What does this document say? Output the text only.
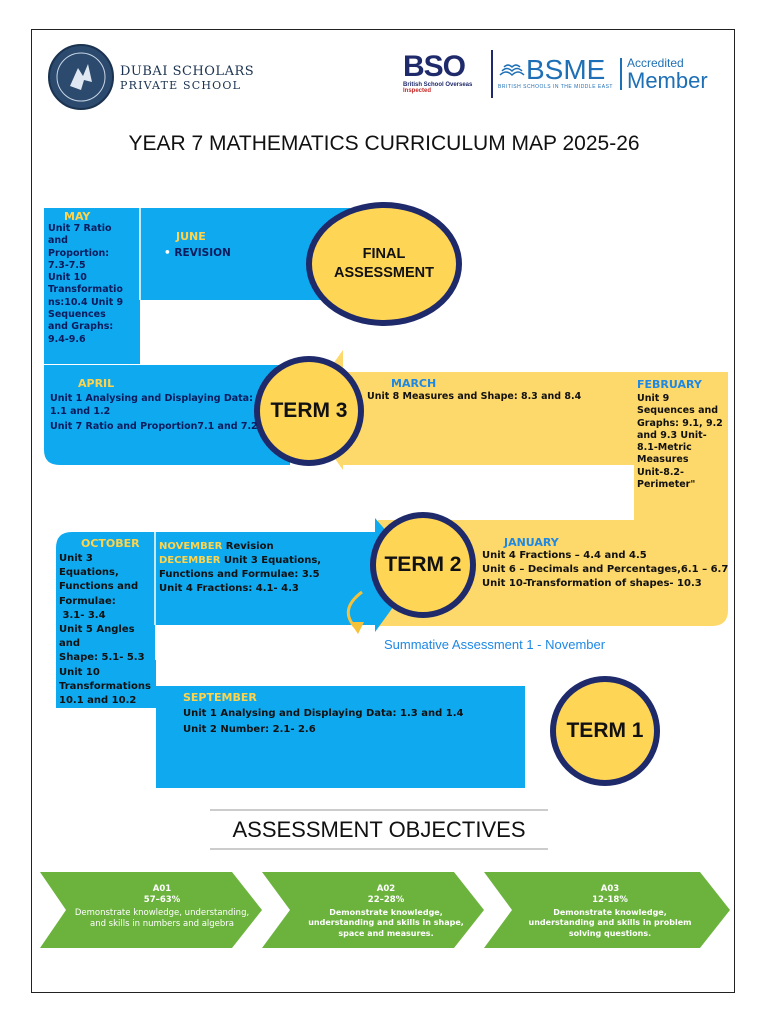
DUBAI SCHOLARS
PRIVATE SCHOOL
BSO
British School Overseas
Inspected
BSME
BRITISH SCHOOLS IN THE MIDDLE EAST
Accredited
Member
YEAR 7 MATHEMATICS CURRICULUM MAP 2025-26
FINAL
ASSESSMENT
TERM 3
TERM 2
TERM 1
MAY
Unit 7 Ratio
and
Proportion:
7.3-7.5
Unit 10
Transformatio
ns:10.4 Unit 9
Sequences
and Graphs:
9.4-9.6
JUNE
• REVISION
APRIL
Unit 1 Analysing and Displaying Data:
1.1 and 1.2
Unit 7 Ratio and Proportion7.1 and 7.2
MARCH
Unit 8 Measures and Shape: 8.3 and 8.4
FEBRUARY
Unit 9
Sequences and
Graphs: 9.1, 9.2
and 9.3 Unit-
8.1-Metric
Measures
Unit-8.2-
Perimeter"
JANUARY
Unit 4 Fractions – 4.4 and 4.5
Unit 6 – Decimals and Percentages,6.1 – 6.7
Unit 10-Transformation of shapes- 10.3
NOVEMBER Revision
DECEMBER Unit 3 Equations,
Functions and Formulae: 3.5
Unit 4 Fractions: 4.1- 4.3
OCTOBER
Unit 3 Equations,
Functions and
Formulae:
3.1- 3.4
Unit 5 Angles
and
Shape: 5.1- 5.3
Unit 10
Transformations
10.1 and 10.2
Summative Assessment 1 - November
SEPTEMBER
Unit 1 Analysing and Displaying Data: 1.3 and 1.4
Unit 2 Number: 2.1- 2.6
ASSESSMENT OBJECTIVES
A01
57–63%
Demonstrate knowledge, understanding, and skills in numbers and algebra
A02
22–28%
Demonstrate knowledge, understanding and skills in shape, space and measures.
A03
12-18%
Demonstrate knowledge, understanding and skills in problem solving questions.
